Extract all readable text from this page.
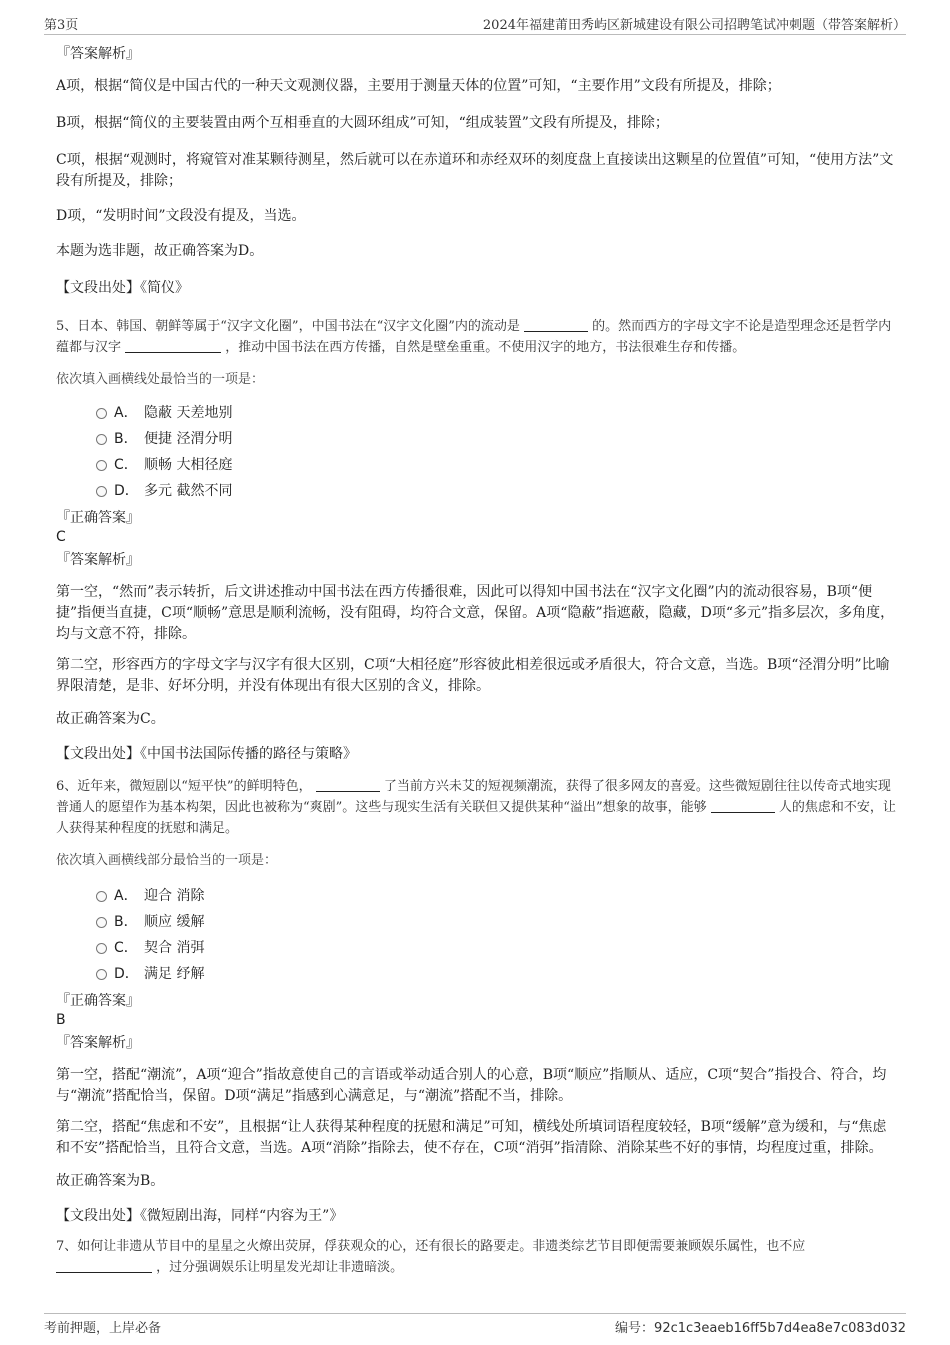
第3页	2024年福建莆田秀屿区新城建设有限公司招聘笔试冲刺题（带答案解析）

『答案解析』

A项，根据“简仪是中国古代的一种天文观测仪器，主要用于测量天体的位置”可知，“主要作用”文段有所提及，排除；

B项，根据“简仪的主要装置由两个互相垂直的大圆环组成”可知，“组成装置”文段有所提及，排除；

C项，根据“观测时，将窥管对准某颗待测星，然后就可以在赤道环和赤经双环的刻度盘上直接读出这颗星的位置值”可知，“使用方法”文段有所提及，排除；

D项，“发明时间”文段没有提及，当选。

本题为选非题，故正确答案为D。

【文段出处】《简仪》

5、日本、韩国、朝鲜等属于“汉字文化圈”，中国书法在“汉字文化圈”内的流动是	的。然而西方的字母文字不论是造型理念还是哲学内蕴都与汉字	，推动中国书法在西方传播，自然是壁垒重重。不使用汉字的地方，书法很难生存和传播。

依次填入画横线处最恰当的一项是：

A． 隐蔽 天差地别
B． 便捷 泾渭分明
C． 顺畅 大相径庭
D． 多元 截然不同

『正确答案』

C

『答案解析』

第一空，“然而”表示转折，后文讲述推动中国书法在西方传播很难，因此可以得知中国书法在“汉字文化圈”内的流动很容易，B项“便捷”指便当直捷，C项“顺畅”意思是顺利流畅，没有阻碍，均符合文意，保留。A项“隐蔽”指遮蔽，隐藏，D项“多元”指多层次，多角度，均与文意不符，排除。

第二空，形容西方的字母文字与汉字有很大区别，C项“大相径庭”形容彼此相差很远或矛盾很大，符合文意，当选。B项“泾渭分明”比喻界限清楚，是非、好坏分明，并没有体现出有很大区别的含义，排除。

故正确答案为C。

【文段出处】《中国书法国际传播的路径与策略》

6、近年来，微短剧以“短平快”的鲜明特色，	了当前方兴未艾的短视频潮流，获得了很多网友的喜爱。这些微短剧往往以传奇式地实现普通人的愿望作为基本构架，因此也被称为“爽剧”。这些与现实生活有关联但又提供某种“溢出”想象的故事，能够	人的焦虑和不安，让人获得某种程度的抚慰和满足。

依次填入画横线部分最恰当的一项是：

A． 迎合 消除
B． 顺应 缓解
C． 契合 消弭
D． 满足 纾解

『正确答案』

B

『答案解析』

第一空，搭配“潮流”，A项“迎合”指故意使自己的言语或举动适合别人的心意，B项“顺应”指顺从、适应，C项“契合”指投合、符合，均与“潮流”搭配恰当，保留。D项“满足”指感到心满意足，与“潮流”搭配不当，排除。

第二空，搭配“焦虑和不安”，且根据“让人获得某种程度的抚慰和满足”可知，横线处所填词语程度较轻，B项“缓解”意为缓和，与“焦虑和不安”搭配恰当，且符合文意，当选。A项“消除”指除去，使不存在，C项“消弭”指清除、消除某些不好的事情，均程度过重，排除。

故正确答案为B。

【文段出处】《微短剧出海，同样“内容为王”》

7、如何让非遗从节目中的星星之火燎出荧屏，俘获观众的心，还有很长的路要走。非遗类综艺节目即便需要兼顾娱乐属性，也不应  ，过分强调娱乐让明星发光却让非遗暗淡。

考前押题，上岸必备	编号：92c1c3eaeb16ff5b7d4ea8e7c083d032
